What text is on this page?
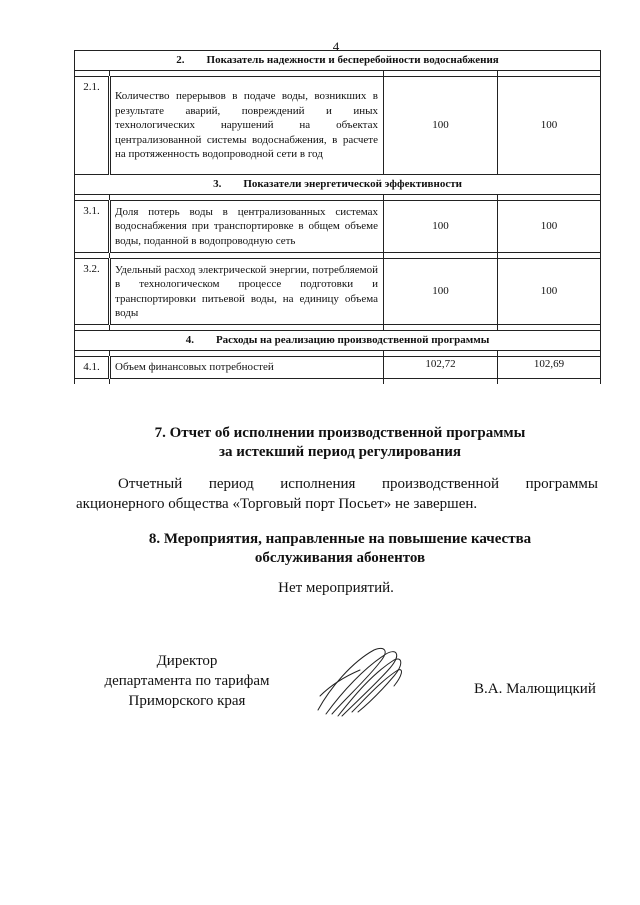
4
2. Показатель надежности и бесперебойности водоснабжения			

2.1.	Количество перерывов в подаче воды, возникших в результате аварий, повреждений и иных технологических нарушений на объектах централизованной системы водоснабжения, в расчете на протяженность водопроводной сети в год	100	100
3. Показатели энергетической эффективности			

3.1.	Доля потерь воды в централизованных системах водоснабжения при транспортировке в общем объеме воды, поданной в водопроводную сеть	100	100

3.2.	Удельный расход электрической энергии, потребляемой в технологическом процессе подготовки и транспортировки питьевой воды, на единицу объема воды	100	100

4. Расходы на реализацию производственной программы			

4.1.	Объем финансовых потребностей	102,72	102,69

7. Отчет об исполнении производственной программы
за истекший период регулирования
Отчетный период исполнения производственной программы
акционерного общества «Торговый порт Посьет» не завершен.
8. Мероприятия, направленные на повышение качества
обслуживания абонентов
Нет мероприятий.
Директор
департамента по тарифам
Приморского края
В.А. Малющицкий
